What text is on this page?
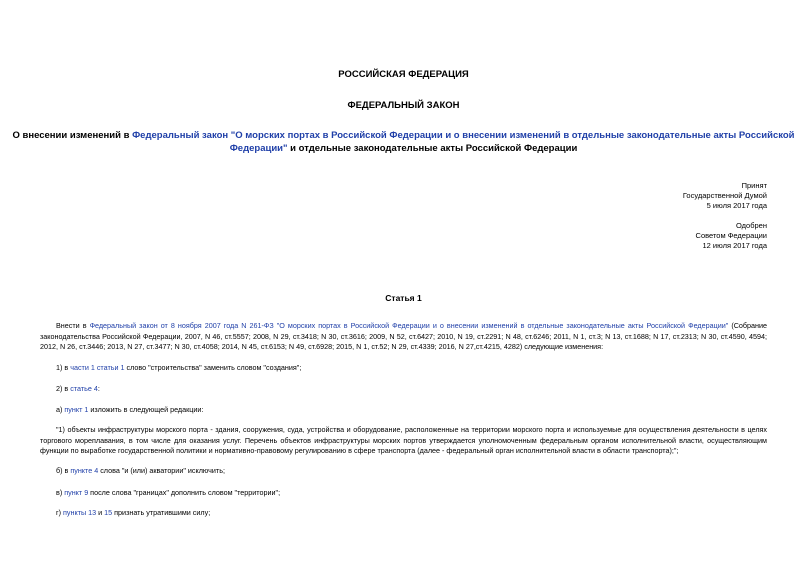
РОССИЙСКАЯ ФЕДЕРАЦИЯ
ФЕДЕРАЛЬНЫЙ ЗАКОН
О внесении изменений в Федеральный закон "О морских портах в Российской Федерации и о внесении изменений в отдельные законодательные акты Российской Федерации" и отдельные законодательные акты Российской Федерации
Принят
Государственной Думой
5 июля 2017 года
Одобрен
Советом Федерации
12 июля 2017 года
Статья 1
Внести в Федеральный закон от 8 ноября 2007 года N 261-ФЗ "О морских портах в Российской Федерации и о внесении изменений в отдельные законодательные акты Российской Федерации" (Собрание законодательства Российской Федерации, 2007, N 46, ст.5557; 2008, N 29, ст.3418; N 30, ст.3616; 2009, N 52, ст.6427; 2010, N 19, ст.2291; N 48, ст.6246; 2011, N 1, ст.3; N 13, ст.1688; N 17, ст.2313; N 30, ст.4590, 4594; 2012, N 26, ст.3446; 2013, N 27, ст.3477; N 30, ст.4058; 2014, N 45, ст.6153; N 49, ст.6928; 2015, N 1, ст.52; N 29, ст.4339; 2016, N 27,ст.4215, 4282) следующие изменения:
1) в части 1 статьи 1 слово "строительства" заменить словом "создания";
2) в статье 4:
а) пункт 1 изложить в следующей редакции:
"1) объекты инфраструктуры морского порта - здания, сооружения, суда, устройства и оборудование, расположенные на территории морского порта и используемые для осуществления деятельности в целях торгового мореплавания, в том числе для оказания услуг. Перечень объектов инфраструктуры морских портов утверждается уполномоченным федеральным органом исполнительной власти, осуществляющим функции по выработке государственной политики и нормативно-правовому регулированию в сфере транспорта (далее - федеральный орган исполнительной власти в области транспорта);";
б) в пункте 4 слова "и (или) акватории" исключить;
в) пункт 9 после слова "границах" дополнить словом "территории";
г) пункты 13 и 15 признать утратившими силу;
